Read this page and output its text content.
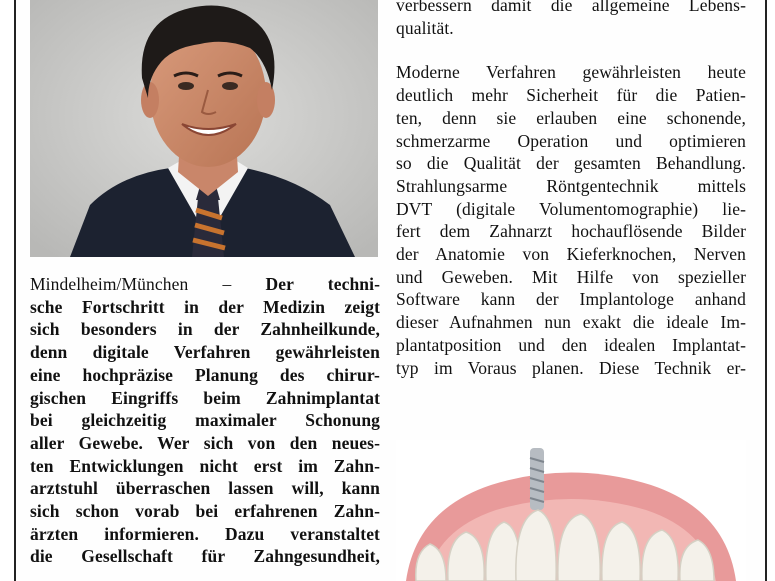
Mindelheim/München – Der techni-
sche Fortschritt in der Medizin zeigt
sich besonders in der Zahnheilkunde,
denn digitale Verfahren gewährleisten
eine hochpräzise Planung des chirur-
gischen Eingriffs beim Zahnimplantat
bei gleichzeitig maximaler Schonung
aller Gewebe. Wer sich von den neues-
ten Entwicklungen nicht erst im Zahn-
arztstuhl überraschen lassen will, kann
sich schon vorab bei erfahrenen Zahn-
ärzten informieren. Dazu veranstaltet
die Gesellschaft für Zahngesundheit,

verbessern damit die allgemeine Lebens-
qualität.

Moderne Verfahren gewährleisten heute
deutlich mehr Sicherheit für die Patien-
ten, denn sie erlauben eine schonende,
schmerzarme Operation und optimieren
so die Qualität der gesamten Behandlung.
Strahlungsarme Röntgentechnik mittels
DVT (digitale Volumentomographie) lie-
fert dem Zahnarzt hochauflösende Bilder
der Anatomie von Kieferknochen, Nerven
und Geweben. Mit Hilfe von spezieller
Software kann der Implantologe anhand
dieser Aufnahmen nun exakt die ideale Im-
plantatposition und den idealen Implantat-
typ im Voraus planen. Diese Technik er-
